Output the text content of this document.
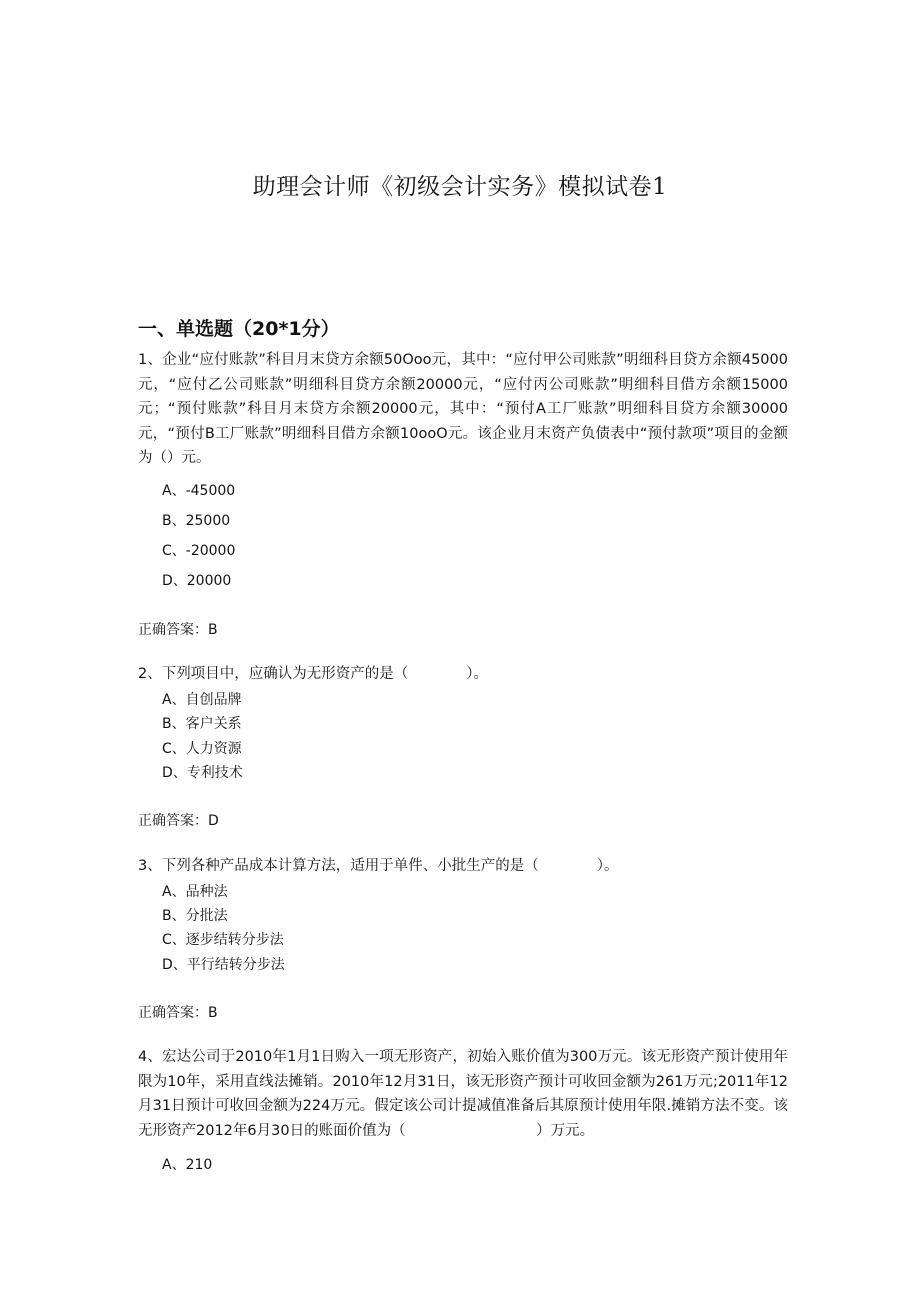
助理会计师《初级会计实务》模拟试卷1
一、单选题（20*1分）
1、企业“应付账款”科目月末贷方余额50Ooo元，其中：“应付甲公司账款”明细科目贷方余额45000元，“应付乙公司账款”明细科目贷方余额20000元，“应付丙公司账款”明细科目借方余额15000元；“预付账款”科目月末贷方余额20000元，其中：“预付A工厂账款”明细科目贷方余额30000元，“预付B工厂账款”明细科目借方余额10ooO元。该企业月末资产负债表中“预付款项”项目的金额为（）元。
A、-45000
B、25000
C、-20000
D、20000
正确答案：B
2、下列项目中，应确认为无形资产的是（　　　　）。
A、自创品牌
B、客户关系
C、人力资源
D、专利技术
正确答案：D
3、下列各种产品成本计算方法，适用于单件、小批生产的是（　　　　）。
A、品种法
B、分批法
C、逐步结转分步法
D、平行结转分步法
正确答案：B
4、宏达公司于2010年1月1日购入一项无形资产，初始入账价值为300万元。该无形资产预计使用年限为10年，采用直线法摊销。2010年12月31日，该无形资产预计可收回金额为261万元;2011年12月31日预计可收回金额为224万元。假定该公司计提减值准备后其原预计使用年限.摊销方法不变。该无形资产2012年6月30日的账面价值为（　　　　　　　　　）万元。
A、210
